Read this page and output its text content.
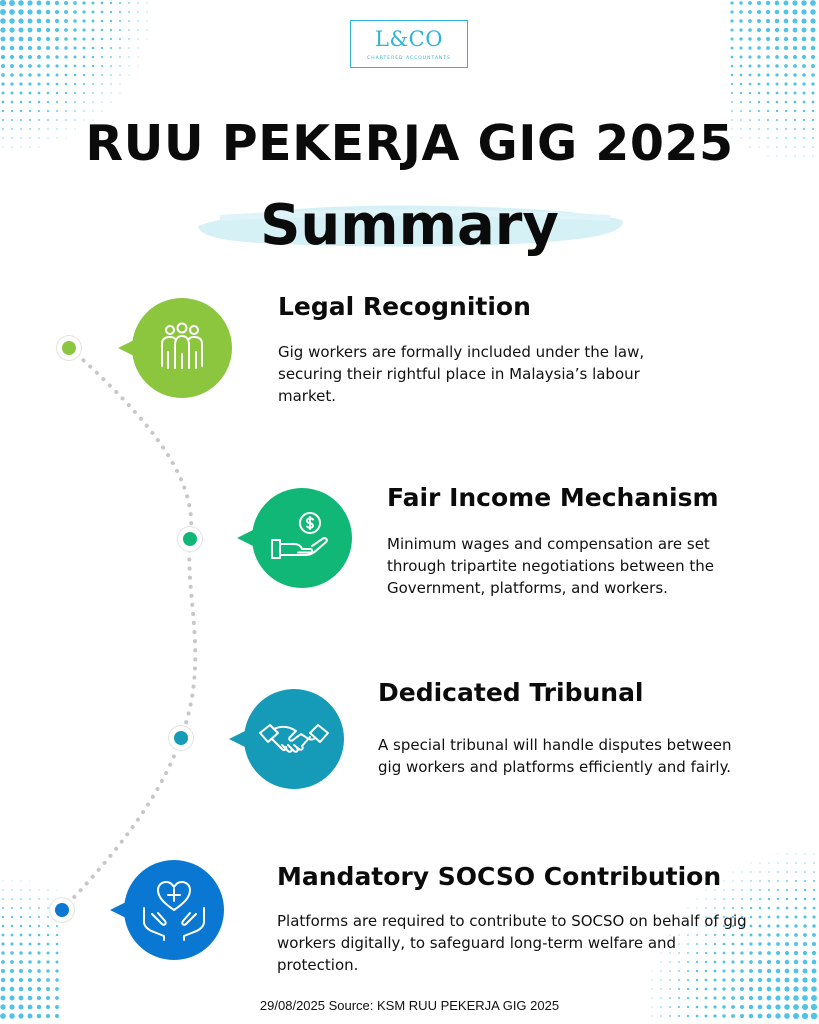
L&CO
CHARTERED ACCOUNTANTS
RUU PEKERJA GIG 2025
Summary
Legal Recognition
Gig workers are formally included under the law, securing their rightful place in Malaysia’s labour market.
Fair Income Mechanism
Minimum wages and compensation are set through tripartite negotiations between the Government, platforms, and workers.
Dedicated Tribunal
A special tribunal will handle disputes between gig workers and platforms efficiently and fairly.
Mandatory SOCSO Contribution
Platforms are required to contribute to SOCSO on behalf of gig workers digitally, to safeguard long-term welfare and protection.
29/08/2025 Source: KSM RUU PEKERJA GIG 2025
